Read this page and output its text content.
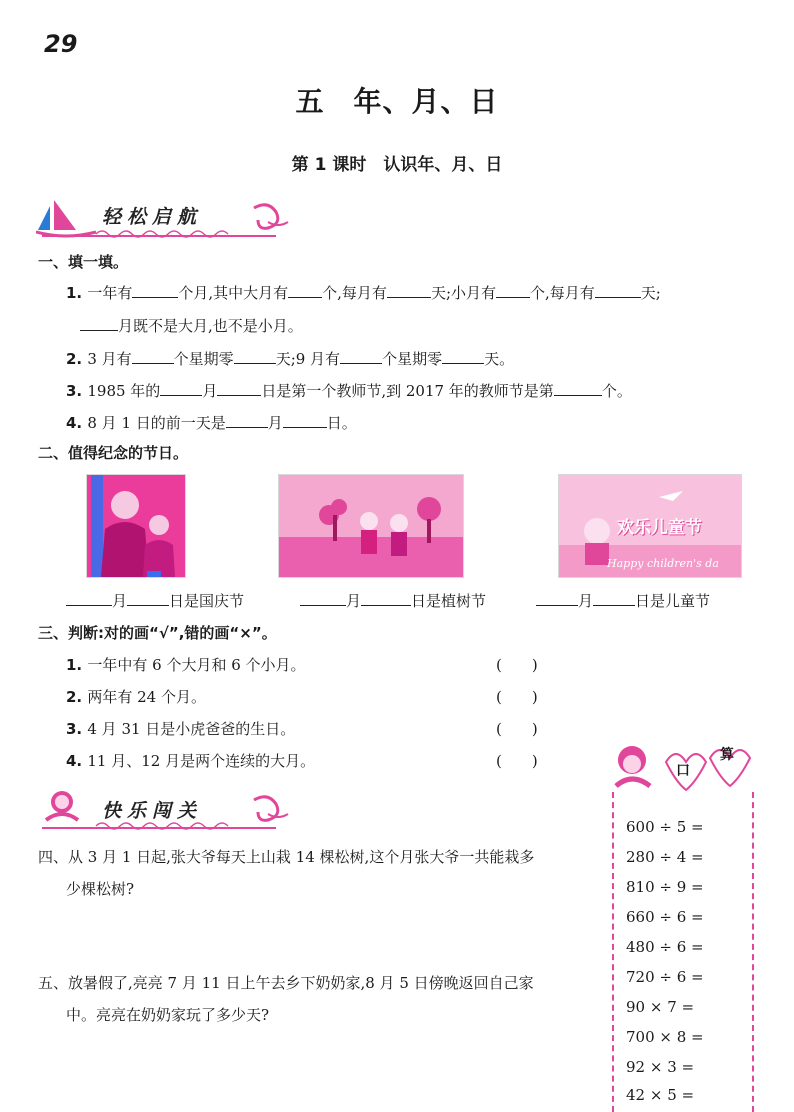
29
五　年、月、日
第 1 课时　认识年、月、日
轻松启航
一、填一填。
1. 一年有	个月,其中大月有 个,每月有	天;小月有 个,每月有	天;
月既不是大月,也不是小月。
2. 3 月有	个星期零	天;9 月有	个星期零	天。
3. 1985 年的	月	日是第一个教师节,到 2017 年的教师节是第	个。
4. 8 月 1 日的前一天是	月	日。
二、值得纪念的节日。
欢乐儿童节
Happy children's da
月	日是国庆节	月	日是植树节	月	日是儿童节
三、判断:对的画“√”,错的画“×”。
1. 一年中有 6 个大月和 6 个小月。	(　　)
2. 两年有 24 个月。	(　　)
3. 4 月 31 日是小虎爸爸的生日。	(　　)
4. 11 月、12 月是两个连续的大月。	(　　)
快乐闯关
四、从 3 月 1 日起,张大爷每天上山栽 14 棵松树,这个月张大爷一共能栽多
少棵松树?
五、放暑假了,亮亮 7 月 11 日上午去乡下奶奶家,8 月 5 日傍晚返回自己家
中。亮亮在奶奶家玩了多少天?
口
算
600 ÷ 5 =
280 ÷ 4 =
810 ÷ 9 =
660 ÷ 6 =
480 ÷ 6 =
720 ÷ 6 =
90 × 7 =
700 × 8 =
92 × 3 =
42 × 5 =
